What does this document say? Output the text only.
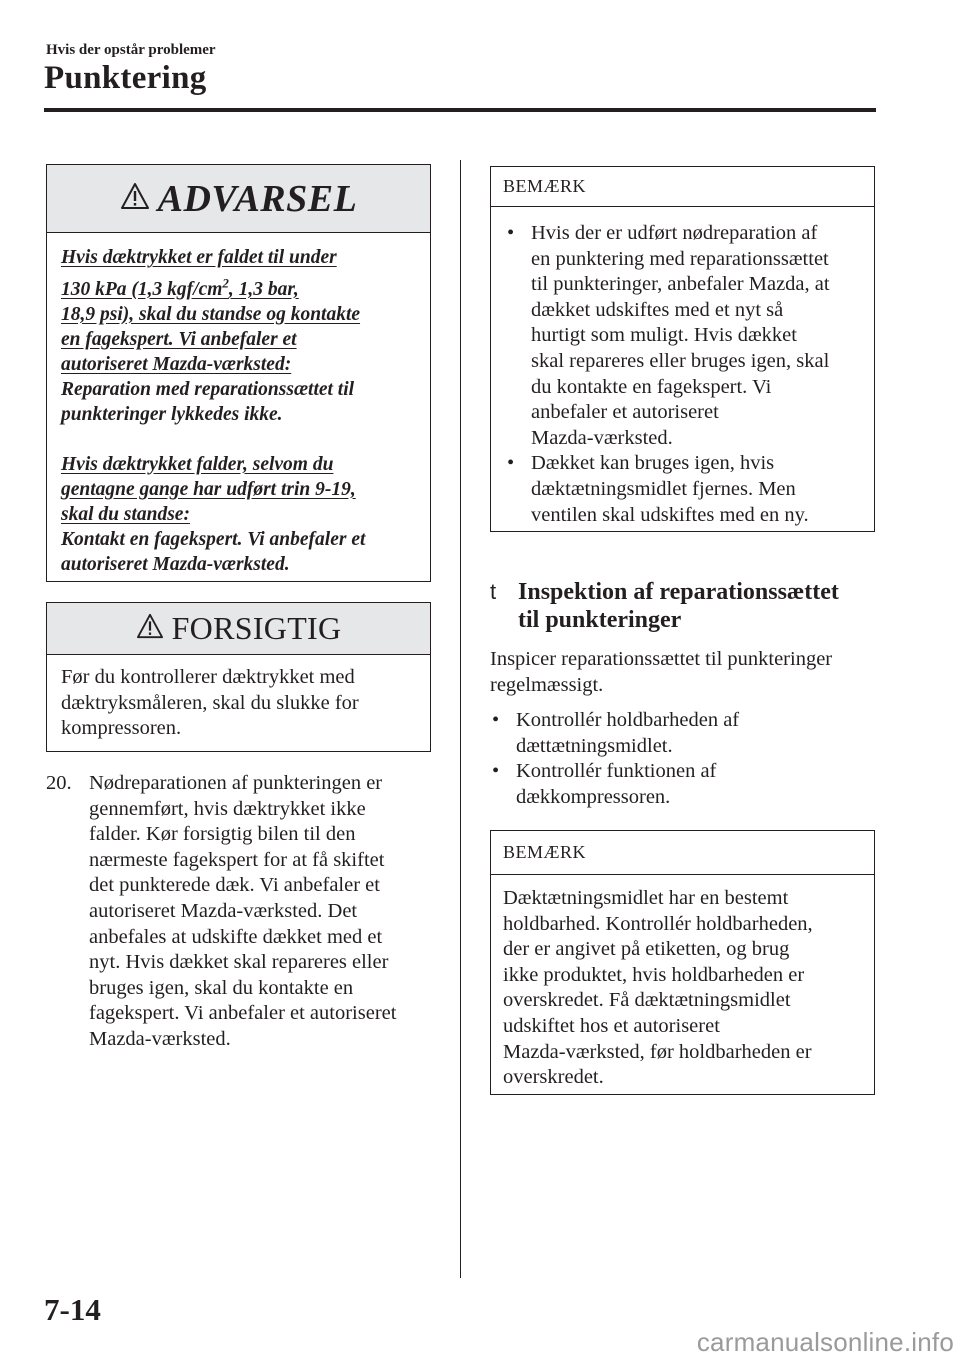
Hvis der opstår problemer
Punktering
ADVARSEL

Hvis dæktrykket er faldet til under
130 kPa (1,3 kgf/$cm^2$, 1,3 bar,
18,9 psi), skal du standse og kontakte
en fagekspert. Vi anbefaler et
autoriseret Mazda-værksted:

Reparation med reparationssættet til
punkteringer lykkedes ikke.

Hvis dæktrykket falder, selvom du
gentagne gange har udført trin 9-19,
skal du standse:

Kontakt en fagekspert. Vi anbefaler et
autoriseret Mazda-værksted.

FORSIGTIG
Før du kontrollerer dæktrykket med
dæktryksmåleren, skal du slukke for
kompressoren.
20. Nødreparationen af punkteringen er

gennemført, hvis dæktrykket ikke
falder. Kør forsigtig bilen til den
nærmeste fagekspert for at få skiftet
det punkterede dæk. Vi anbefaler et
autoriseret Mazda-værksted. Det
anbefales at udskifte dækket med et
nyt. Hvis dækket skal repareres eller
bruges igen, skal du kontakte en
fagekspert. Vi anbefaler et autoriseret
Mazda-værksted.
BEMÆRK
• Hvis der er udført nødreparation af
en punktering med reparationssættet
til punkteringer, anbefaler Mazda, at
dækket udskiftes med et nyt så
hurtigt som muligt. Hvis dækket
skal repareres eller bruges igen, skal
du kontakte en fagekspert. Vi
anbefaler et autoriseret
Mazda-værksted.
• Dækket kan bruges igen, hvis
dæktætningsmidlet fjernes. Men
ventilen skal udskiftes med en ny.
t Inspektion af reparationssættet
til punkteringer
Inspicer reparationssættet til punkteringer
regelmæssigt.
• Kontrollér holdbarheden af
dættætningsmidlet.
• Kontrollér funktionen af
dækkompressoren.
BEMÆRK
Dæktætningsmidlet har en bestemt
holdbarhed. Kontrollér holdbarheden,
der er angivet på etiketten, og brug
ikke produktet, hvis holdbarheden er
overskredet. Få dæktætningsmidlet
udskiftet hos et autoriseret
Mazda-værksted, før holdbarheden er
overskredet.
7-14
carmanualsonline.info
